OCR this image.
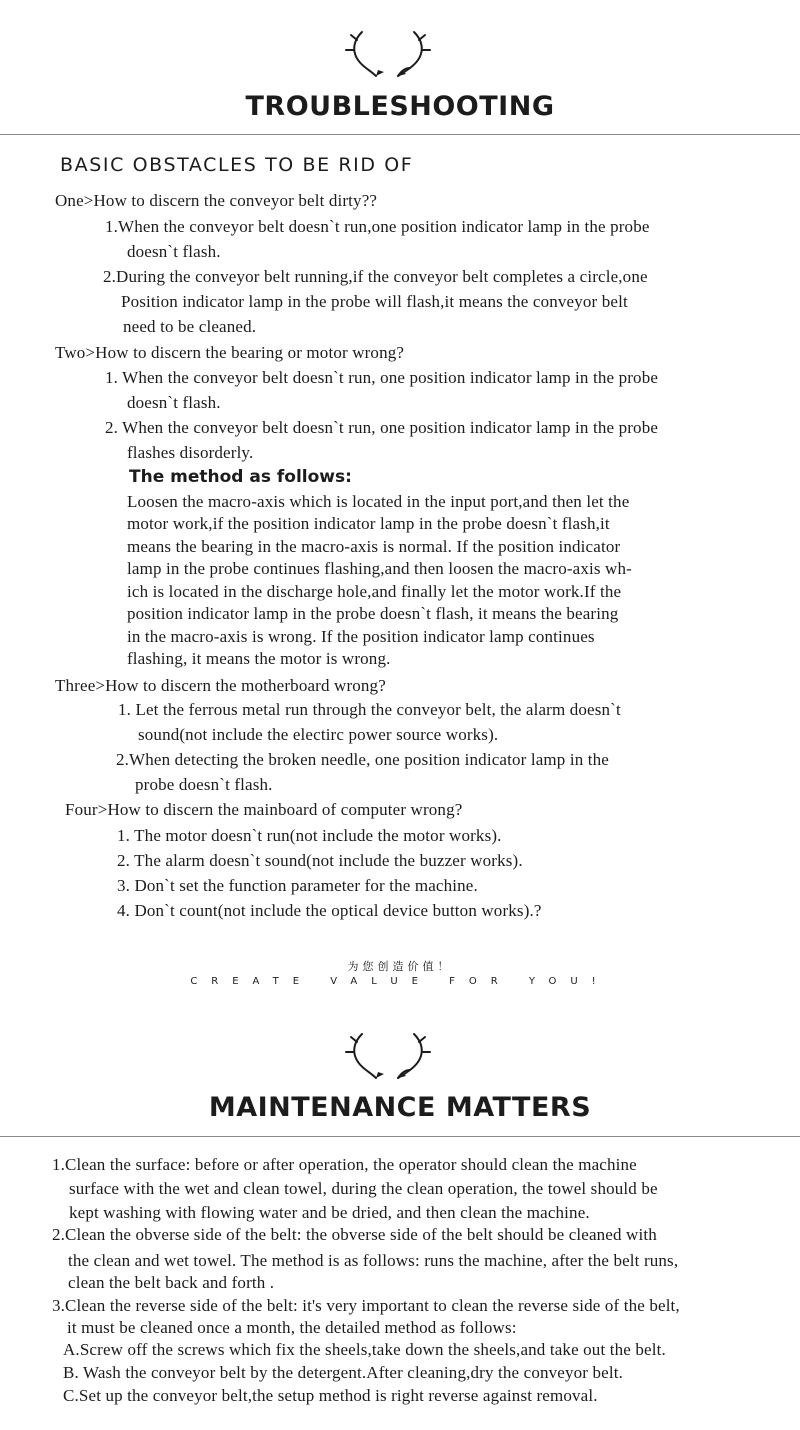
TROUBLESHOOTING
BASIC OBSTACLES TO BE RID OF
One>How to discern the conveyor belt dirty??
1.When the conveyor belt doesn`t run,one position indicator lamp in the probe
doesn`t flash.
2.During the conveyor belt running,if the conveyor belt completes a circle,one
Position indicator lamp in the probe will flash,it means the conveyor belt
need to be cleaned.
Two>How to discern the bearing or motor wrong?
1. When the conveyor belt doesn`t run, one position indicator lamp in the probe
doesn`t flash.
2. When the conveyor belt doesn`t run, one position indicator lamp in the probe
flashes disorderly.
The method as follows:
Loosen the macro-axis which is located in the input port,and then let the
motor work,if the position indicator lamp in the probe doesn`t flash,it
means the bearing in the macro-axis is normal. If the position indicator
lamp in the probe continues flashing,and then loosen the macro-axis wh-
ich is located in the discharge hole,and finally let the motor work.If the
position indicator lamp in the probe doesn`t flash, it means the bearing
in the macro-axis is wrong. If the position indicator lamp continues
flashing, it means the motor is wrong.
Three>How to discern the motherboard wrong?
1. Let the ferrous metal run through the conveyor belt, the alarm doesn`t
sound(not include the electirc power source works).
2.When detecting the broken needle, one position indicator lamp in the
probe doesn`t flash.
Four>How to discern the mainboard of computer wrong?
1. The motor doesn`t run(not include the motor works).
2. The alarm doesn`t sound(not include the buzzer works).
3. Don`t set the function parameter for the machine.
4. Don`t count(not include the optical device button works).?
为您创造价值！
CREATE VALUE FOR YOU!
MAINTENANCE MATTERS
1.Clean the surface: before or after operation, the operator should clean the machine
surface with the wet and clean towel, during the clean operation, the towel should be
kept washing with flowing water and be dried, and then clean the machine.
2.Clean the obverse side of the belt: the obverse side of the belt should be cleaned with
the clean and wet towel. The method is as follows: runs the machine, after the belt runs,
clean the belt back and forth .
3.Clean the reverse side of the belt: it's very important to clean the reverse side of the belt,
it must be cleaned once a month, the detailed method as follows:
A.Screw off the screws which fix the sheels,take down the sheels,and take out the belt.
B. Wash the conveyor belt by the detergent.After cleaning,dry the conveyor belt.
C.Set up the conveyor belt,the setup method is right reverse against removal.
